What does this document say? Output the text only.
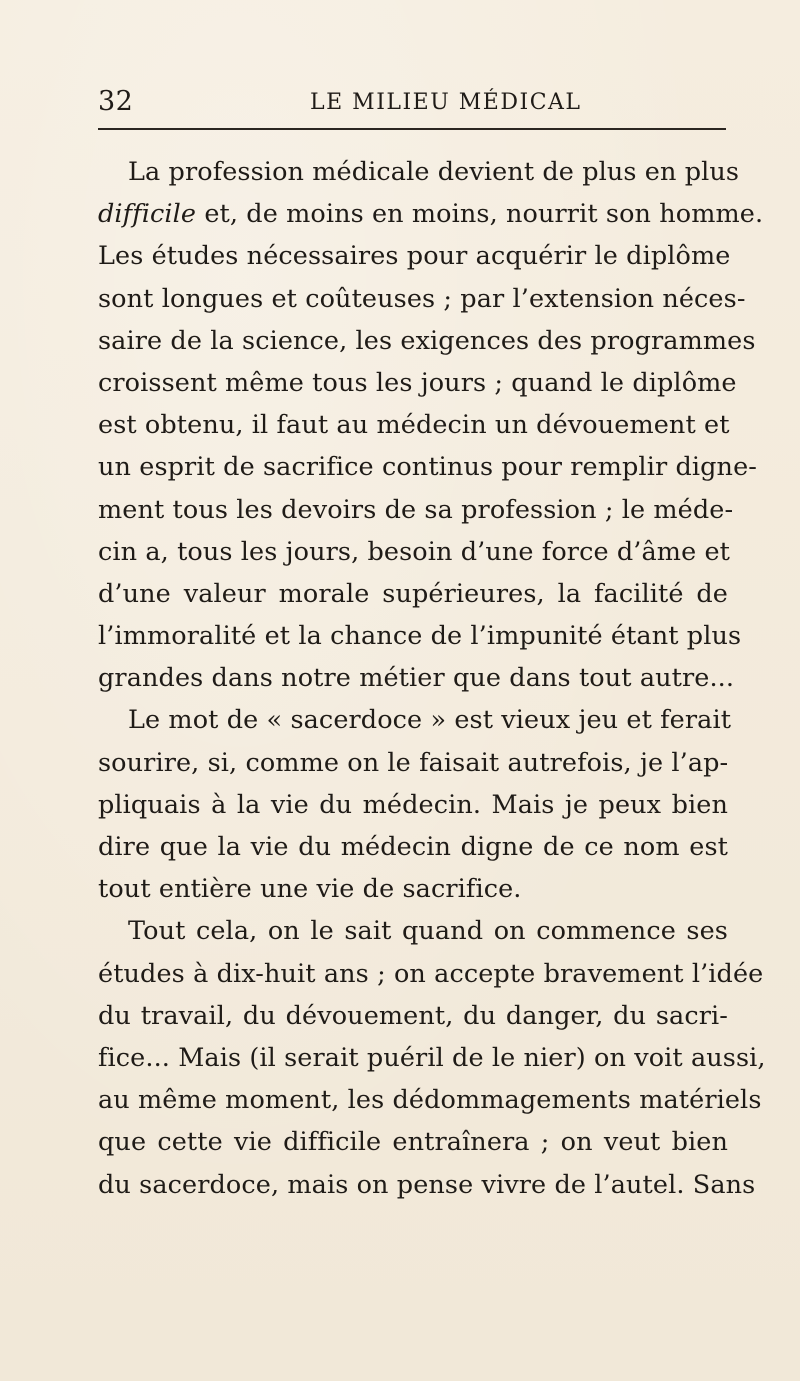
32	LE MILIEU MÉDICAL
La profession médicale devient de plus en plus
difficile et, de moins en moins, nourrit son homme.
Les études nécessaires pour acquérir le diplôme
sont longues et coûteuses ; par l’extension néces-
saire de la science, les exigences des programmes
croissent même tous les jours ; quand le diplôme
est obtenu, il faut au médecin un dévouement et
un esprit de sacrifice continus pour remplir digne-
ment tous les devoirs de sa profession ; le méde-
cin a, tous les jours, besoin d’une force d’âme et
d’une valeur morale supérieures, la facilité de
l’immoralité et la chance de l’impunité étant plus
grandes dans notre métier que dans tout autre...
Le mot de « sacerdoce » est vieux jeu et ferait
sourire, si, comme on le faisait autrefois, je l’ap-
pliquais à la vie du médecin. Mais je peux bien
dire que la vie du médecin digne de ce nom est
tout entière une vie de sacrifice.
Tout cela, on le sait quand on commence ses
études à dix-huit ans ; on accepte bravement l’idée
du travail, du dévouement, du danger, du sacri-
fice... Mais (il serait puéril de le nier) on voit aussi,
au même moment, les dédommagements matériels
que cette vie difficile entraînera ; on veut bien
du sacerdoce, mais on pense vivre de l’autel. Sans
